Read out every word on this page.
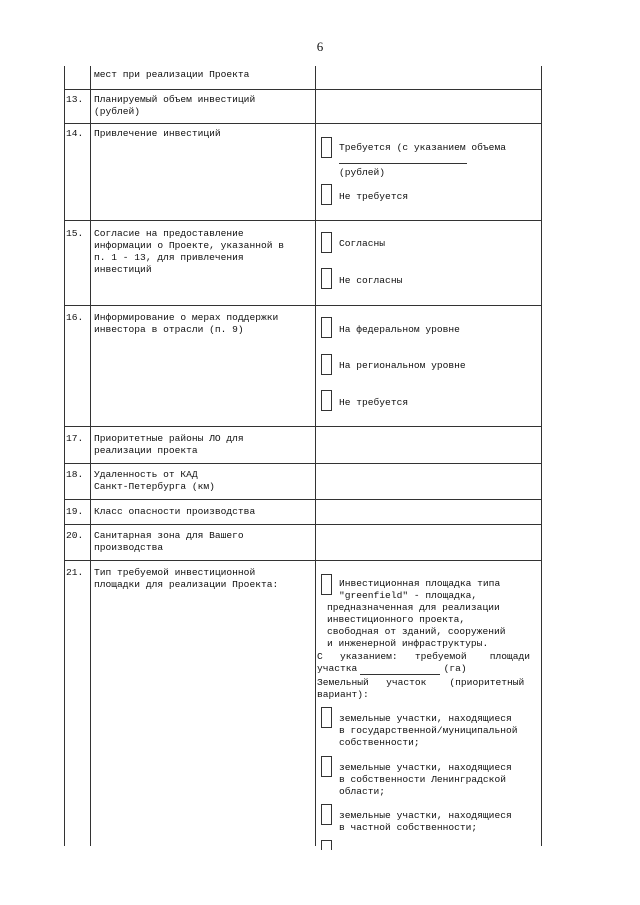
6
мест при реализации Проекта
13. Планируемый объем инвестиций
(рублей)
14. Привлечение инвестиций
Требуется (с указанием объема
(рублей)
Не требуется
15. Согласие на предоставление
информации о Проекте, указанной в
п. 1 - 13, для привлечения
инвестиций
Согласны
Не согласны
16. Информирование о мерах поддержки
инвестора в отрасли (п. 9)	На федеральном уровне
На региональном уровне
Не требуется
17. Приоритетные районы ЛО для
реализации проекта
18. Удаленность от КАД
Санкт-Петербурга (км)
19. Класс опасности производства
20. Санитарная зона для Вашего
производства
21. Тип требуемой инвестиционной
площадки для реализации Проекта:	Инвестиционная площадка типа
"greenfield" - площадка,
предназначенная для реализации
инвестиционного проекта,
свободная от зданий, сооружений
и инженерной инфраструктуры.
С   указанием:   требуемой    площади
участка               (га)
Земельный   участок    (приоритетный
вариант):
земельные участки, находящиеся
в государственной/муниципальной
собственности;
земельные участки, находящиеся
в собственности Ленинградской
области;
земельные участки, находящиеся
в частной собственности;
